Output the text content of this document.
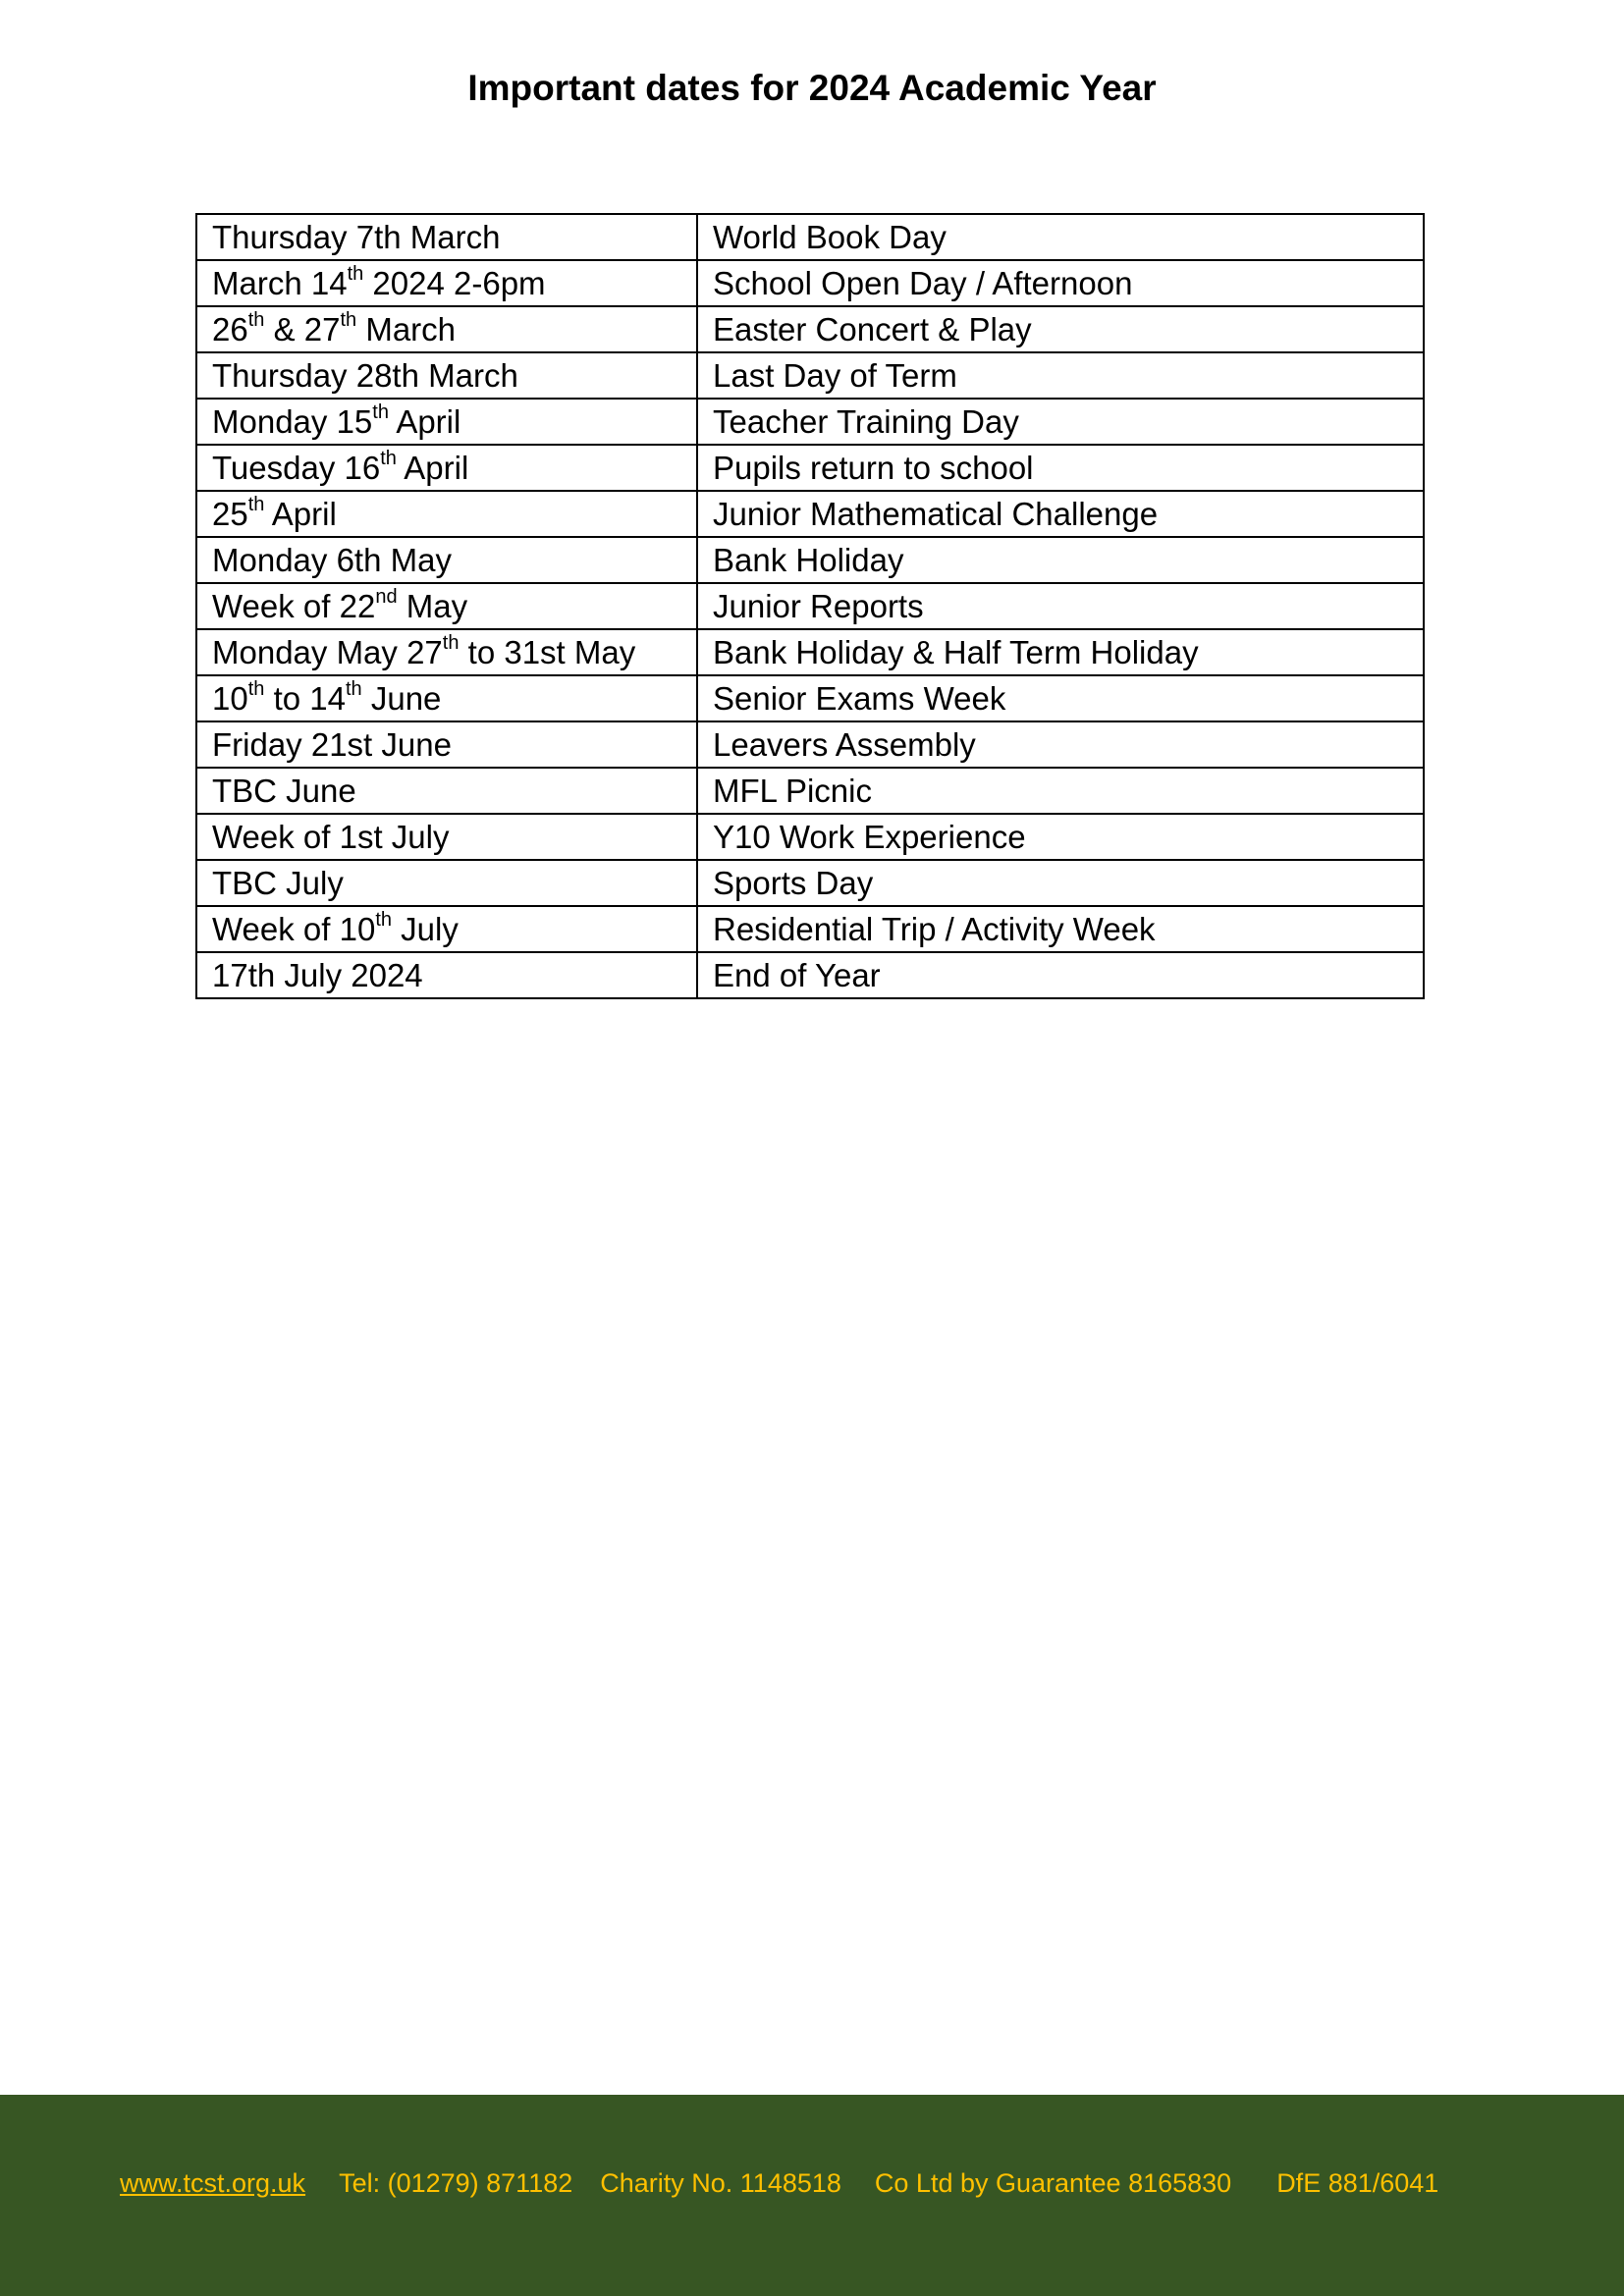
Important dates for 2024 Academic Year
Thursday 7th March	World Book Day
March 14th 2024 2-6pm	School Open Day / Afternoon
26th & 27th March	Easter Concert & Play
Thursday 28th March	Last Day of Term
Monday 15th April	Teacher Training Day
Tuesday 16th April	Pupils return to school
25th April	Junior Mathematical Challenge
Monday 6th May	Bank Holiday
Week of 22nd May	Junior Reports
Monday May 27th to 31st May	Bank Holiday & Half Term Holiday
10th to 14th June	Senior Exams Week
Friday 21st June	Leavers Assembly
TBC June	MFL Picnic
Week of 1st July	Y10 Work Experience
TBC July	Sports Day
Week of 10th July	Residential Trip / Activity Week
17th July 2024	End of Year
www.tcst.org.uk Tel: (01279) 871182 Charity No. 1148518 Co Ltd by Guarantee 8165830 DfE 881/6041
